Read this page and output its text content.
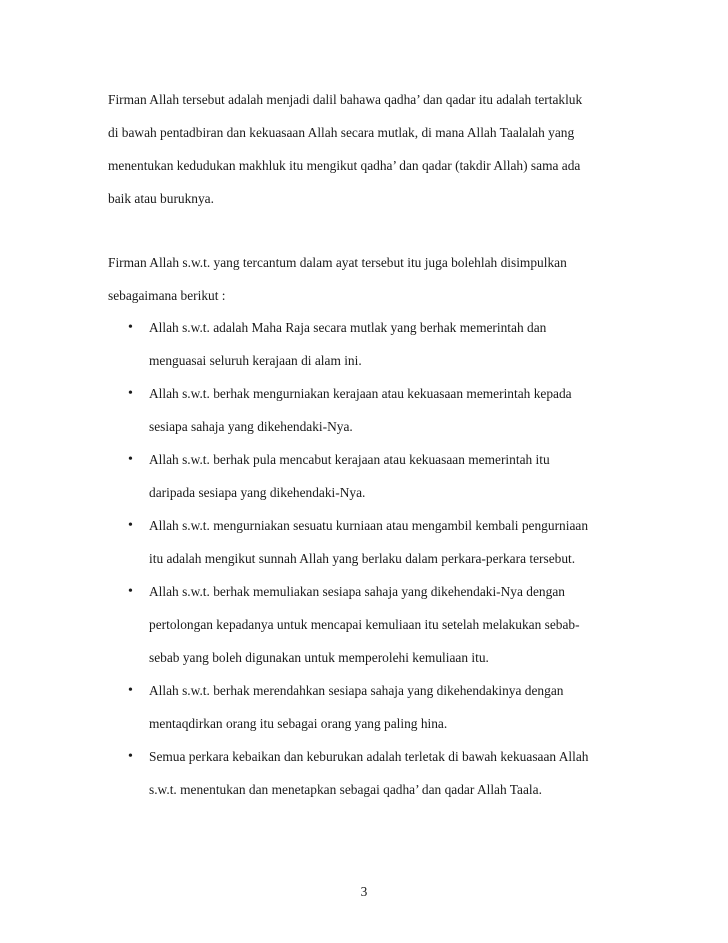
Firman Allah tersebut adalah menjadi dalil bahawa qadha’ dan qadar itu adalah tertakluk
di bawah pentadbiran dan kekuasaan Allah secara mutlak, di mana Allah Taalalah yang
menentukan kedudukan makhluk itu mengikut qadha’ dan qadar (takdir Allah) sama ada
baik atau buruknya.
Firman Allah s.w.t. yang tercantum dalam ayat tersebut itu juga bolehlah disimpulkan
sebagaimana berikut :
• Allah s.w.t. adalah Maha Raja secara mutlak yang berhak memerintah dan
menguasai seluruh kerajaan di alam ini.
• Allah s.w.t. berhak mengurniakan kerajaan atau kekuasaan memerintah kepada
sesiapa sahaja yang dikehendaki-Nya.
• Allah s.w.t. berhak pula mencabut kerajaan atau kekuasaan memerintah itu
daripada sesiapa yang dikehendaki-Nya.
• Allah s.w.t. mengurniakan sesuatu kurniaan atau mengambil kembali pengurniaan
itu adalah mengikut sunnah Allah yang berlaku dalam perkara-perkara tersebut.
• Allah s.w.t. berhak memuliakan sesiapa sahaja yang dikehendaki-Nya dengan
pertolongan kepadanya untuk mencapai kemuliaan itu setelah melakukan sebab-
sebab yang boleh digunakan untuk memperolehi kemuliaan itu.
• Allah s.w.t. berhak merendahkan sesiapa sahaja yang dikehendakinya dengan
mentaqdirkan orang itu sebagai orang yang paling hina.
• Semua perkara kebaikan dan keburukan adalah terletak di bawah kekuasaan Allah
s.w.t. menentukan dan menetapkan sebagai qadha’ dan qadar Allah Taala.
3
